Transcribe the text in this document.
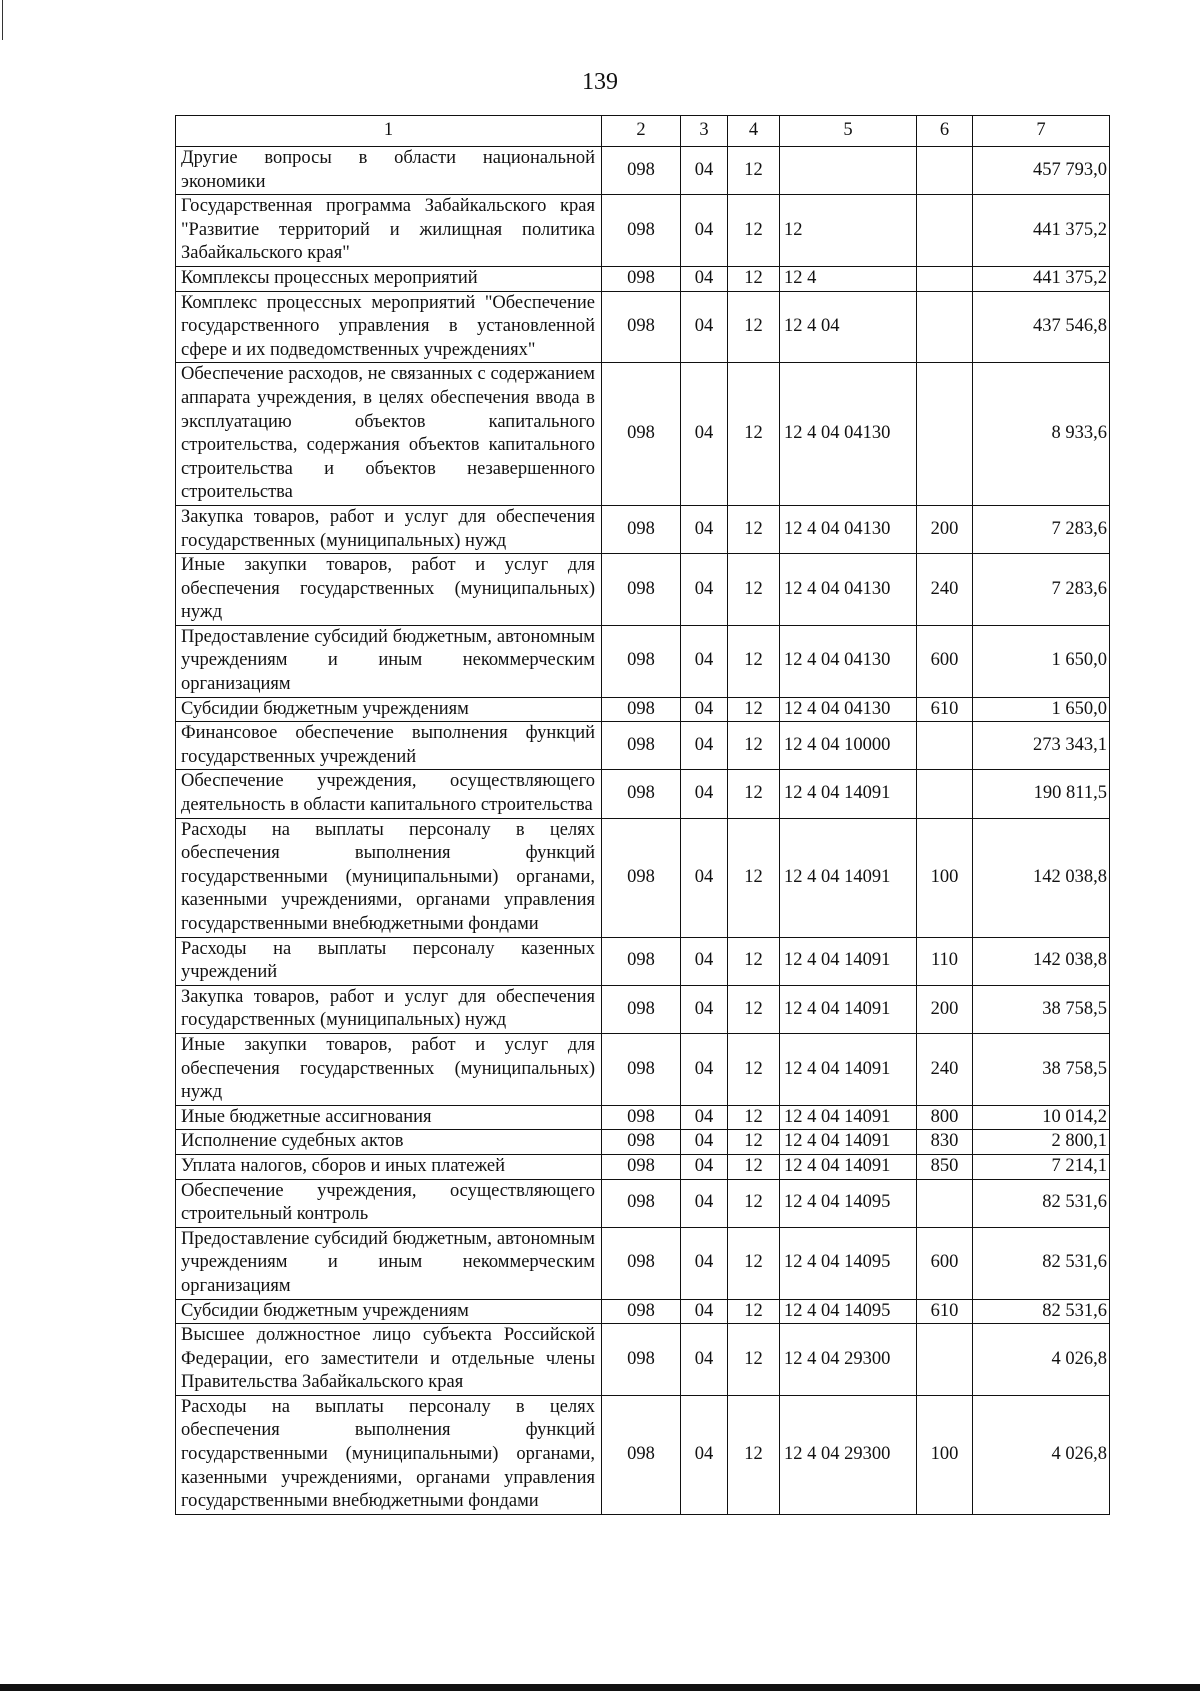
139
1	2	3	4	5	6	7
Другие вопросы в области национальной экономики	098	04	12			457 793,0
Государственная программа Забайкальского края "Развитие территорий и жилищная политика Забайкальского края"	098	04	12	12		441 375,2
Комплексы процессных мероприятий	098	04	12	12 4		441 375,2
Комплекс процессных мероприятий "Обеспечение государственного управления в установленной сфере и их подведомственных учреждениях"	098	04	12	12 4 04		437 546,8
Обеспечение расходов, не связанных с содержанием аппарата учреждения, в целях обеспечения ввода в эксплуатацию объектов капитального строительства, содержания объектов капитального строительства и объектов незавершенного строительства	098	04	12	12 4 04 04130		8 933,6
Закупка товаров, работ и услуг для обеспечения государственных (муниципальных) нужд	098	04	12	12 4 04 04130	200	7 283,6
Иные закупки товаров, работ и услуг для обеспечения государственных (муниципальных) нужд	098	04	12	12 4 04 04130	240	7 283,6
Предоставление субсидий бюджетным, автономным учреждениям и иным некоммерческим организациям	098	04	12	12 4 04 04130	600	1 650,0
Субсидии бюджетным учреждениям	098	04	12	12 4 04 04130	610	1 650,0
Финансовое обеспечение выполнения функций государственных учреждений	098	04	12	12 4 04 10000		273 343,1
Обеспечение учреждения, осуществляющего деятельность в области капитального строительства	098	04	12	12 4 04 14091		190 811,5
Расходы на выплаты персоналу в целях обеспечения выполнения функций государственными (муниципальными) органами, казенными учреждениями, органами управления государственными внебюджетными фондами	098	04	12	12 4 04 14091	100	142 038,8
Расходы на выплаты персоналу казенных учреждений	098	04	12	12 4 04 14091	110	142 038,8
Закупка товаров, работ и услуг для обеспечения государственных (муниципальных) нужд	098	04	12	12 4 04 14091	200	38 758,5
Иные закупки товаров, работ и услуг для обеспечения государственных (муниципальных) нужд	098	04	12	12 4 04 14091	240	38 758,5
Иные бюджетные ассигнования	098	04	12	12 4 04 14091	800	10 014,2
Исполнение судебных актов	098	04	12	12 4 04 14091	830	2 800,1
Уплата налогов, сборов и иных платежей	098	04	12	12 4 04 14091	850	7 214,1
Обеспечение учреждения, осуществляющего строительный контроль	098	04	12	12 4 04 14095		82 531,6
Предоставление субсидий бюджетным, автономным учреждениям и иным некоммерческим организациям	098	04	12	12 4 04 14095	600	82 531,6
Субсидии бюджетным учреждениям	098	04	12	12 4 04 14095	610	82 531,6
Высшее должностное лицо субъекта Российской Федерации, его заместители и отдельные члены Правительства Забайкальского края	098	04	12	12 4 04 29300		4 026,8
Расходы на выплаты персоналу в целях обеспечения выполнения функций государственными (муниципальными) органами, казенными учреждениями, органами управления государственными внебюджетными фондами	098	04	12	12 4 04 29300	100	4 026,8
